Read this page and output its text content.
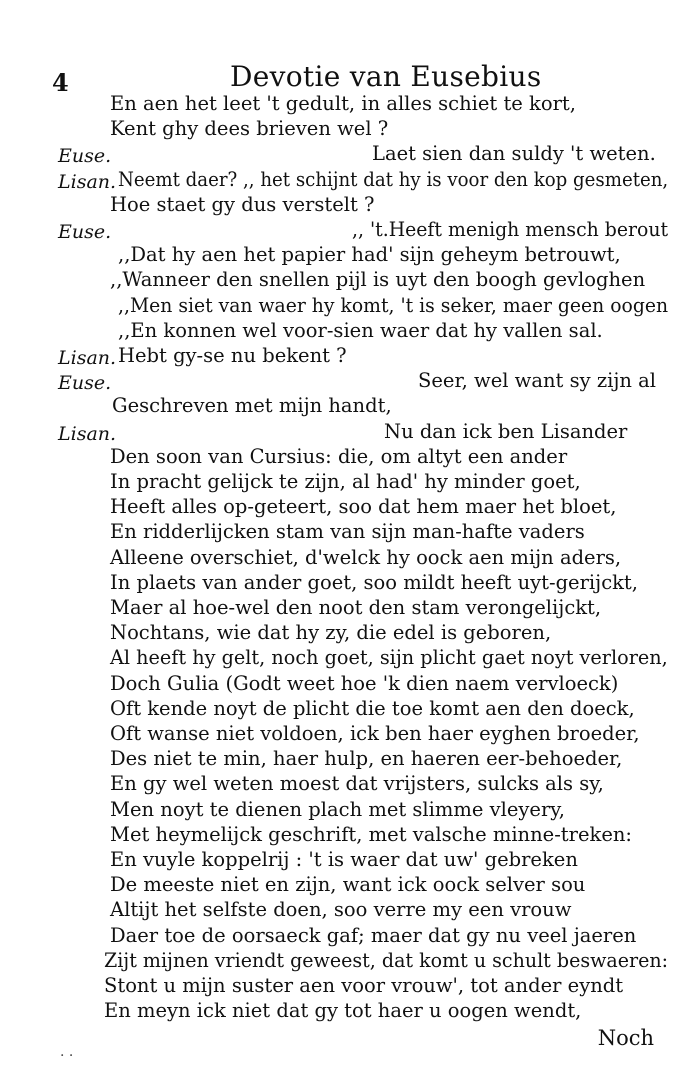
4	Devotie van Eusebius
En aen het leet 't gedult, in alles schiet te kort,
Kent ghy dees brieven wel ?
Euse.	Laet sien dan suldy 't weten.
Lisan. Neemt daer? ,, het schijnt dat hy is voor den kop gesmeten,
Hoe staet gy dus verstelt ?
Euse.	,, 't.Heeft menigh mensch berout
,,Dat hy aen het papier had' sijn geheym betrouwt,
,,Wanneer den snellen pijl is uyt den boogh gevloghen
,,Men siet van waer hy komt, 't is seker, maer geen oogen
,,En konnen wel voor-sien waer dat hy vallen sal.
Lisan. Hebt gy-se nu bekent ?
Euse.	Seer, wel want sy zijn al
Geschreven met mijn handt,
Lisan.	Nu dan ick ben Lisander
Den soon van Cursius: die, om altyt een ander
In pracht gelijck te zijn, al had' hy minder goet,
Heeft alles op-geteert, soo dat hem maer het bloet,
En ridderlijcken stam van sijn man-hafte vaders
Alleene overschiet, d'welck hy oock aen mijn aders,
In plaets van ander goet, soo mildt heeft uyt-gerijckt,
Maer al hoe-wel den noot den stam verongelijckt,
Nochtans, wie dat hy zy, die edel is geboren,
Al heeft hy gelt, noch goet, sijn plicht gaet noyt verloren,
Doch Gulia (Godt weet hoe 'k dien naem vervloeck)
Oft kende noyt de plicht die toe komt aen den doeck,
Oft wanse niet voldoen, ick ben haer eyghen broeder,
Des niet te min, haer hulp, en haeren eer-behoeder,
En gy wel weten moest dat vrijsters, sulcks als sy,
Men noyt te dienen plach met slimme vleyery,
Met heymelijck geschrift, met valsche minne-treken:
En vuyle koppelrij : 't is waer dat uw' gebreken
De meeste niet en zijn, want ick oock selver sou
Altijt het selfste doen, soo verre my een vrouw
Daer toe de oorsaeck gaf; maer dat gy nu veel jaeren
Zijt mijnen vriendt geweest, dat komt u schult beswaeren:
Stont u mijn suster aen voor vrouw', tot ander eyndt
En meyn ick niet dat gy tot haer u oogen wendt,
Noch
· ·
